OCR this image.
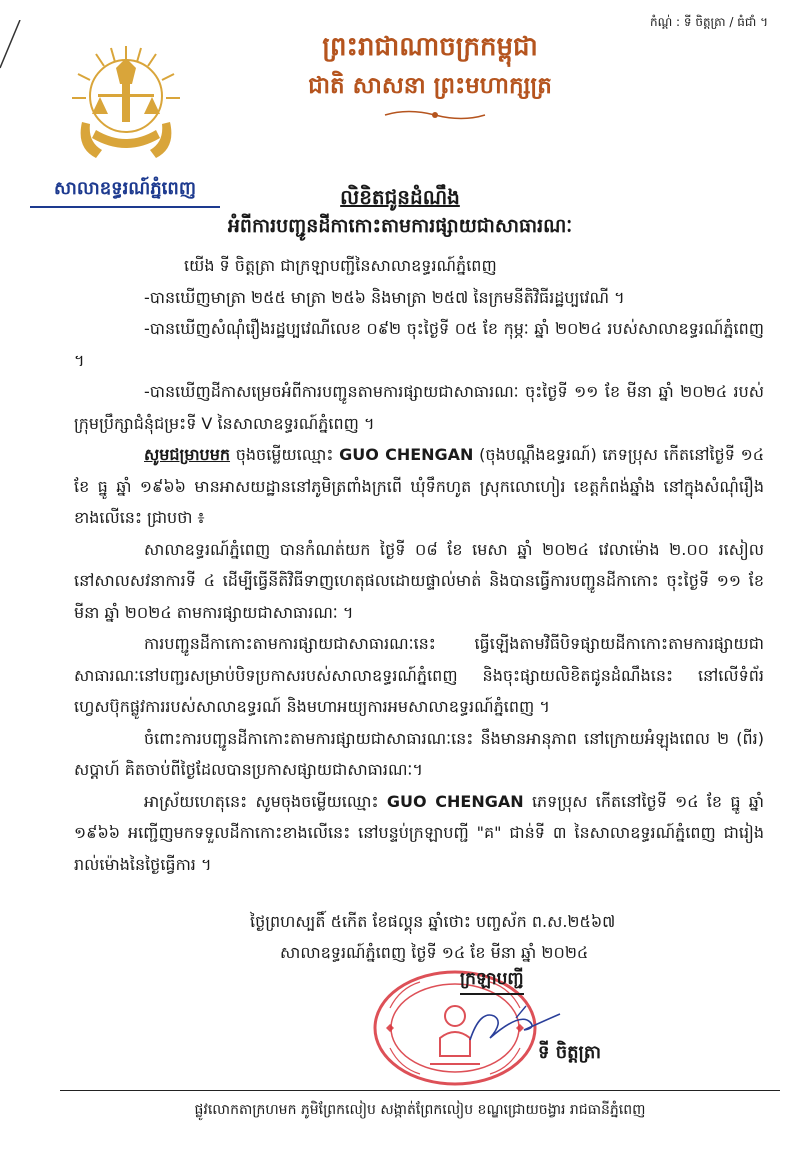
កំណ្ត់ : ទី ចិត្តត្រា / ធំជាំ ។
ព្រះរាជាណាចក្រកម្ពុជា
ជាតិ សាសនា ព្រះមហាក្សត្រ
សាលាឧទ្ធរណ៍ភ្នំពេញ	លិខិតជូនដំណឹង
អំពីការបញ្ជូនដីកាកោះតាមការផ្សាយជាសាធារណៈ

យើង ទី ចិត្តត្រា ជាក្រឡាបញ្ជីនៃសាលាឧទ្ធរណ៍ភ្នំពេញ

-បានឃើញមាត្រា ២៥៥ មាត្រា ២៥៦ និងមាត្រា ២៥៧ នៃក្រមនីតិវិធីរដ្ឋប្បវេណី ។

-បានឃើញសំណុំរឿងរដ្ឋប្បវេណីលេខ ០៩២ ចុះថ្ងៃទី ០៥ ខែ កុម្ភៈ ឆ្នាំ ២០២៤ របស់សាលាឧទ្ធរណ៍ភ្នំពេញ ។

-បានឃើញដីកាសម្រេចអំពីការបញ្ជូនតាមការផ្សាយជាសាធារណៈ ចុះថ្ងៃទី ១១ ខែ មីនា ឆ្នាំ ២០២៤ របស់ក្រុមប្រឹក្សាជំនុំជម្រះទី V នៃសាលាឧទ្ធរណ៍ភ្នំពេញ ។

សូមជម្រាបមក ចុងចម្លើយឈ្មោះ GUO CHENGAN (ចុងបណ្ដឹងឧទ្ធរណ៍) ភេទប្រុស កើតនៅថ្ងៃទី ១៤ ខែ ធ្នូ ឆ្នាំ ១៩៦៦ មានអាសយដ្ឋាននៅភូមិត្រពាំងក្រពើ ឃុំទឹកហូត ស្រុកលោហៀរ ខេត្តកំពង់ឆ្នាំង នៅក្នុងសំណុំរឿងខាងលើនេះ ជ្រាបថា ៖

សាលាឧទ្ធរណ៍ភ្នំពេញ បានកំណត់យក ថ្ងៃទី ០៨ ខែ មេសា ឆ្នាំ ២០២៤ វេលាម៉ោង ២.០០ រសៀល នៅសាលសវនាការទី ៤ ដើម្បីធ្វើនីតិវិធីទាញហេតុផលដោយផ្ទាល់មាត់ និងបានធ្វើការបញ្ជូនដីកាកោះ ចុះថ្ងៃទី ១១ ខែ មីនា ឆ្នាំ ២០២៤ តាមការផ្សាយជាសាធារណៈ ។

ការបញ្ជូនដីកាកោះតាមការផ្សាយជាសាធារណៈនេះ ធ្វើឡើងតាមវិធីបិទផ្សាយដីកាកោះតាមការផ្សាយជាសាធារណៈនៅបញ្ជរសម្រាប់បិទប្រកាសរបស់សាលាឧទ្ធរណ៍ភ្នំពេញ និងចុះផ្សាយលិខិតជូនដំណឹងនេះ នៅលើទំព័រហ្វេសប៊ុកផ្លូវការរបស់សាលាឧទ្ធរណ៍ និងមហាអយ្យការអមសាលាឧទ្ធរណ៍ភ្នំពេញ ។

ចំពោះការបញ្ជូនដីកាកោះតាមការផ្សាយជាសាធារណៈនេះ នឹងមានអានុភាព នៅក្រោយអំឡុងពេល ២ (ពីរ) សប្ដាហ៍ គិតចាប់ពីថ្ងៃដែលបានប្រកាសផ្សាយជាសាធារណៈ។

អាស្រ័យហេតុនេះ សូមចុងចម្លើយឈ្មោះ GUO CHENGAN ភេទប្រុស កើតនៅថ្ងៃទី ១៤ ខែ ធ្នូ ឆ្នាំ ១៩៦៦ អញ្ជើញមកទទួលដីកាកោះខាងលើនេះ នៅបន្ទប់ក្រឡាបញ្ជី "គ" ជាន់ទី ៣ នៃសាលាឧទ្ធរណ៍ភ្នំពេញ ជារៀងរាល់ម៉ោងនៃថ្ងៃធ្វើការ ។

ថ្ងៃព្រហស្បតិ៍ ៥កើត ខែផល្គុន ឆ្នាំថោះ បញ្ចស័ក ព.ស.២៥៦៧

សាលាឧទ្ធរណ៍ភ្នំពេញ ថ្ងៃទី ១៤ ខែ មីនា ឆ្នាំ ២០២៤

ក្រឡាបញ្ជី
ទី ចិត្តត្រា
ផ្លូវលោកតាក្រហមក ភូមិព្រែកលៀប សង្កាត់ព្រែកលៀប ខណ្ឌជ្រោយចង្វារ រាជធានីភ្នំពេញ
